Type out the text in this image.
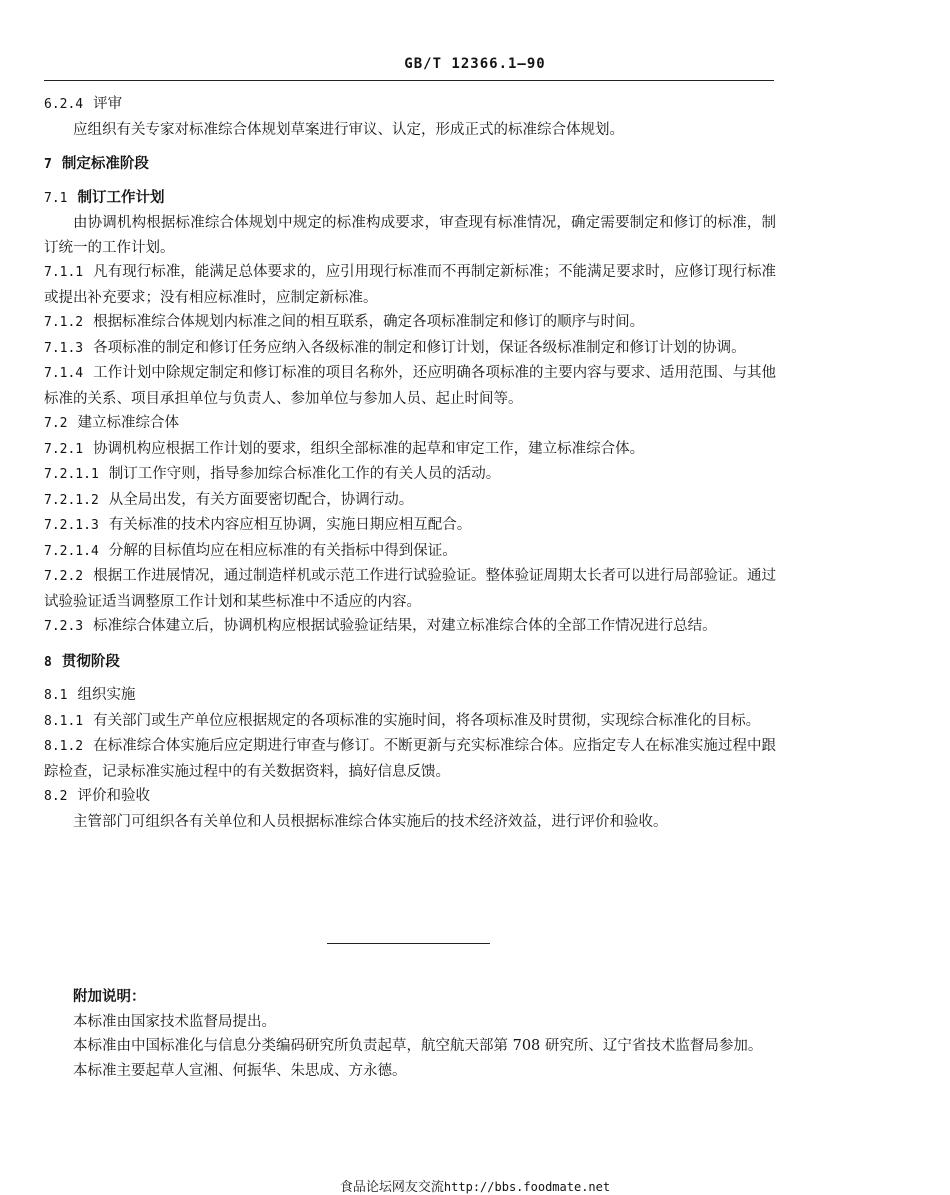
GB/T 12366.1—90

6.2.4 评审

应组织有关专家对标准综合体规划草案进行审议、认定，形成正式的标准综合体规划。

7 制定标准阶段

7.1 制订工作计划

由协调机构根据标准综合体规划中规定的标准构成要求，审查现有标准情况，确定需要制定和修订的标准，制订统一的工作计划。

7.1.1 凡有现行标准，能满足总体要求的，应引用现行标准而不再制定新标准；不能满足要求时，应修订现行标准或提出补充要求；没有相应标准时，应制定新标准。

7.1.2 根据标准综合体规划内标准之间的相互联系，确定各项标准制定和修订的顺序与时间。

7.1.3 各项标准的制定和修订任务应纳入各级标准的制定和修订计划，保证各级标准制定和修订计划的协调。

7.1.4 工作计划中除规定制定和修订标准的项目名称外，还应明确各项标准的主要内容与要求、适用范围、与其他标准的关系、项目承担单位与负责人、参加单位与参加人员、起止时间等。

7.2 建立标准综合体

7.2.1 协调机构应根据工作计划的要求，组织全部标准的起草和审定工作，建立标准综合体。

7.2.1.1 制订工作守则，指导参加综合标准化工作的有关人员的活动。

7.2.1.2 从全局出发，有关方面要密切配合，协调行动。

7.2.1.3 有关标准的技术内容应相互协调，实施日期应相互配合。

7.2.1.4 分解的目标值均应在相应标准的有关指标中得到保证。

7.2.2 根据工作进展情况，通过制造样机或示范工作进行试验验证。整体验证周期太长者可以进行局部验证。通过试验验证适当调整原工作计划和某些标准中不适应的内容。

7.2.3 标准综合体建立后，协调机构应根据试验验证结果，对建立标准综合体的全部工作情况进行总结。

8 贯彻阶段

8.1 组织实施

8.1.1 有关部门或生产单位应根据规定的各项标准的实施时间，将各项标准及时贯彻，实现综合标准化的目标。

8.1.2 在标准综合体实施后应定期进行审查与修订。不断更新与充实标准综合体。应指定专人在标准实施过程中跟踪检查，记录标准实施过程中的有关数据资料，搞好信息反馈。

8.2 评价和验收

主管部门可组织各有关单位和人员根据标准综合体实施后的技术经济效益，进行评价和验收。

附加说明：

本标准由国家技术监督局提出。

本标准由中国标准化与信息分类编码研究所负责起草，航空航天部第 708 研究所、辽宁省技术监督局参加。

本标准主要起草人宣湘、何振华、朱思成、方永德。

食品论坛网友交流http://bbs.foodmate.net
